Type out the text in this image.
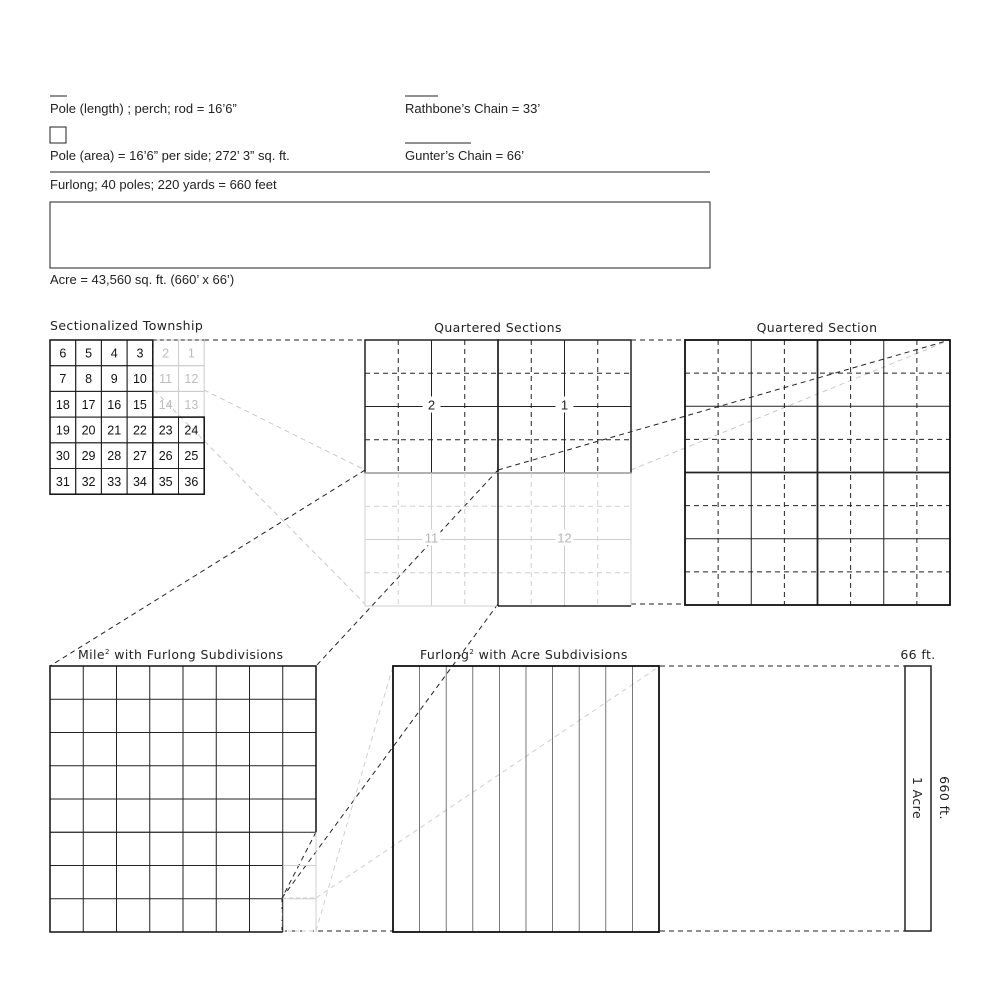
Pole (length) ; perch; rod = 16’6”
Pole (area) = 16’6” per side; 272’ 3” sq. ft.
Rathbone’s Chain = 33’
Gunter’s Chain = 66’
Furlong; 40 poles; 220 yards = 660 feet
Acre = 43,560 sq. ft. (660’ x 66’)
Sectionalized Township
6 5 4 3 2 1
7 8 9 10 11 12
18 17 16 15 14 13
19 20 21 22 23 24
30 29 28 27 26 25
31 32 33 34 35 36
Quartered Sections
2	1
11	12
Quartered Section
Mile$^2$ with Furlong Subdivisions	Furlong$^2$ with Acre Subdivisions	66 ft.
1 Acre 660 ft.
